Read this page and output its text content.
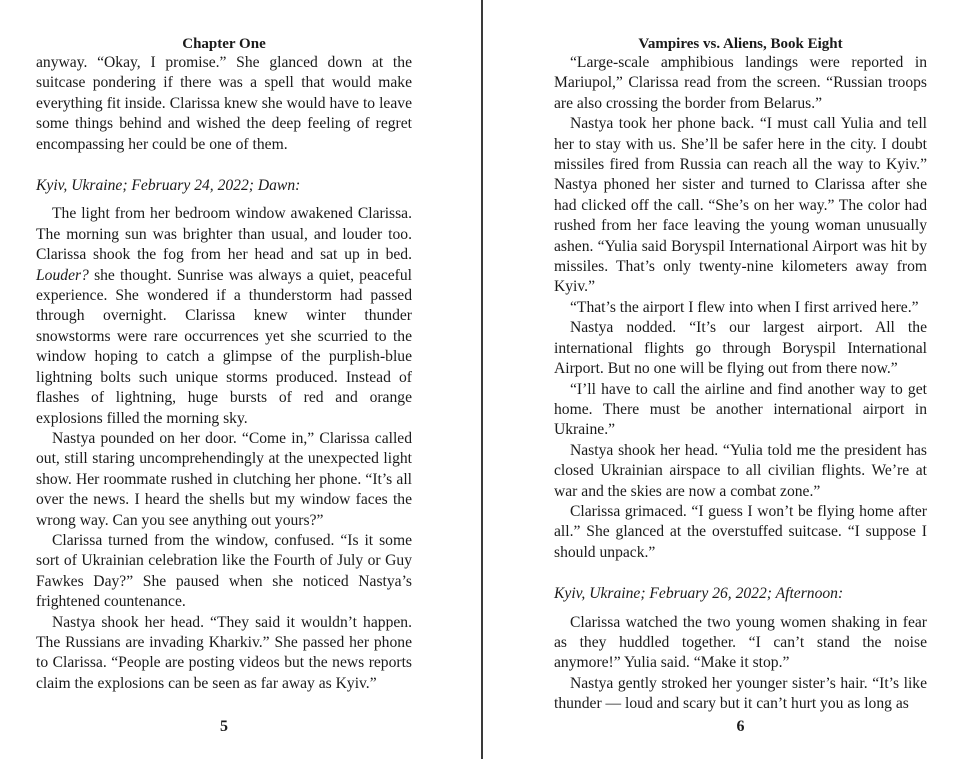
Chapter One

anyway. “Okay, I promise.” She glanced down at the suitcase pondering if there was a spell that would make everything fit inside. Clarissa knew she would have to leave some things behind and wished the deep feeling of regret encompassing her could be one of them.

Kyiv, Ukraine; February 24, 2022; Dawn:

The light from her bedroom window awakened Clarissa. The morning sun was brighter than usual, and louder too. Clarissa shook the fog from her head and sat up in bed. Louder? she thought. Sunrise was always a quiet, peaceful experience. She wondered if a thunderstorm had passed through overnight. Clarissa knew winter thunder snowstorms were rare occurrences yet she scurried to the window hoping to catch a glimpse of the purplish-blue lightning bolts such unique storms produced. Instead of flashes of lightning, huge bursts of red and orange explosions filled the morning sky.

Nastya pounded on her door. “Come in,” Clarissa called out, still staring uncomprehendingly at the unexpected light show. Her roommate rushed in clutching her phone. “It’s all over the news. I heard the shells but my window faces the wrong way. Can you see anything out yours?”

Clarissa turned from the window, confused. “Is it some sort of Ukrainian celebration like the Fourth of July or Guy Fawkes Day?” She paused when she noticed Nastya’s frightened countenance.

Nastya shook her head. “They said it wouldn’t happen. The Russians are invading Kharkiv.” She passed her phone to Clarissa. “People are posting videos but the news reports claim the explosions can be seen as far away as Kyiv.”

5
Vampires vs. Aliens, Book Eight

“Large-scale amphibious landings were reported in Mariupol,” Clarissa read from the screen. “Russian troops are also crossing the border from Belarus.”

Nastya took her phone back. “I must call Yulia and tell her to stay with us. She’ll be safer here in the city. I doubt missiles fired from Russia can reach all the way to Kyiv.” Nastya phoned her sister and turned to Clarissa after she had clicked off the call. “She’s on her way.” The color had rushed from her face leaving the young woman unusually ashen. “Yulia said Boryspil International Airport was hit by missiles. That’s only twenty-nine kilometers away from Kyiv.”

“That’s the airport I flew into when I first arrived here.”

Nastya nodded. “It’s our largest airport. All the international flights go through Boryspil International Airport. But no one will be flying out from there now.”

“I’ll have to call the airline and find another way to get home. There must be another international airport in Ukraine.”

Nastya shook her head. “Yulia told me the president has closed Ukrainian airspace to all civilian flights. We’re at war and the skies are now a combat zone.”

Clarissa grimaced. “I guess I won’t be flying home after all.” She glanced at the overstuffed suitcase. “I suppose I should unpack.”

Kyiv, Ukraine; February 26, 2022; Afternoon:

Clarissa watched the two young women shaking in fear as they huddled together. “I can’t stand the noise anymore!” Yulia said. “Make it stop.”

Nastya gently stroked her younger sister’s hair. “It’s like thunder — loud and scary but it can’t hurt you as long as

6
